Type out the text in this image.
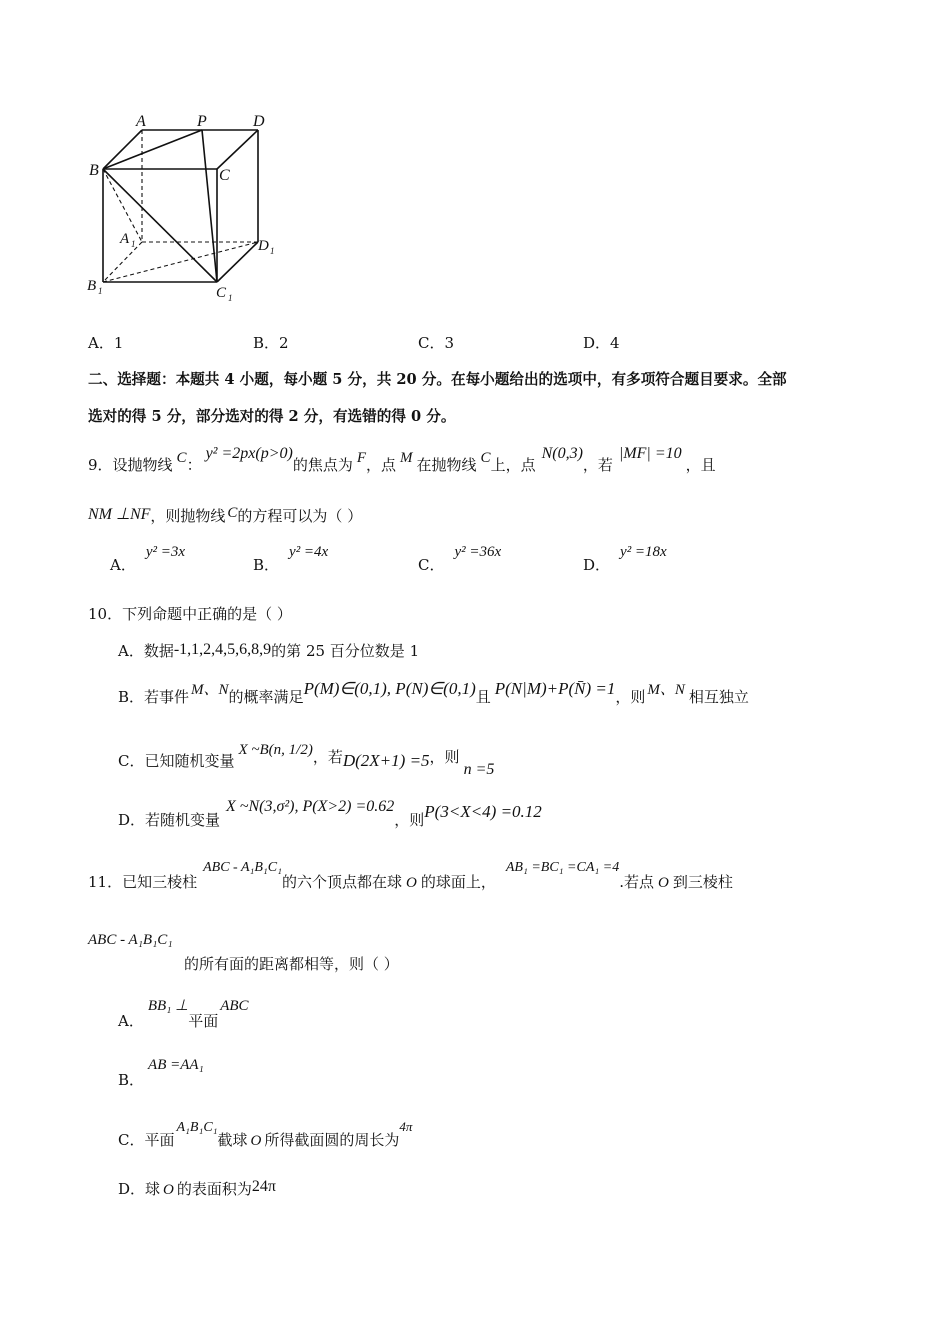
A	P	D
B	C
A 1	D 1
B 1	C 1
A．1	B．2	C．3	D．4
二、选择题：本题共 4 小题，每小题 5 分，共 20 分。在每小题给出的选项中，有多项符合题目要求。全部
选对的得 5 分，部分选对的得 2 分，有选错的得 0 分。
9．设抛物线 C：y² =2px(p>0)的焦点为 F，点 M 在抛物线 C上，点N(0,3)，若|MF| =10，且
NM ⊥NF，则抛物线 C的方程可以为（ ）
A．y² =3x
B．y² =4x
C．y² =36x
D．y² =18x
10．下列命题中正确的是（ ）
A．数据-1,1,2,4,5,6,8,9的第 25 百分位数是 1
B．若事件 M、N的概率满足P(M)∈(0,1), P(N)∈(0,1)且 P(N|M)+P(N̄) =1，则 M、N 相互独立
C．已知随机变量X ~B(n, 1/2)，若D(2X+1) =5，则n =5
D．若随机变量X ~N(3,σ²), P(X>2) =0.62，则P(3<X<4) =0.12
11．已知三棱柱ABC - A₁B₁C₁的六个顶点都在球 O 的球面上，AB₁ =BC₁ =CA₁ =4.若点 O 到三棱柱
ABC - A₁B₁C₁
的所有面的距离都相等，则（ ）
A．BB₁ ⊥平面ABC
B．AB =AA₁
C．平面A₁B₁C₁截球 O 所得截面圆的周长为4π
D．球 O 的表面积为24π
